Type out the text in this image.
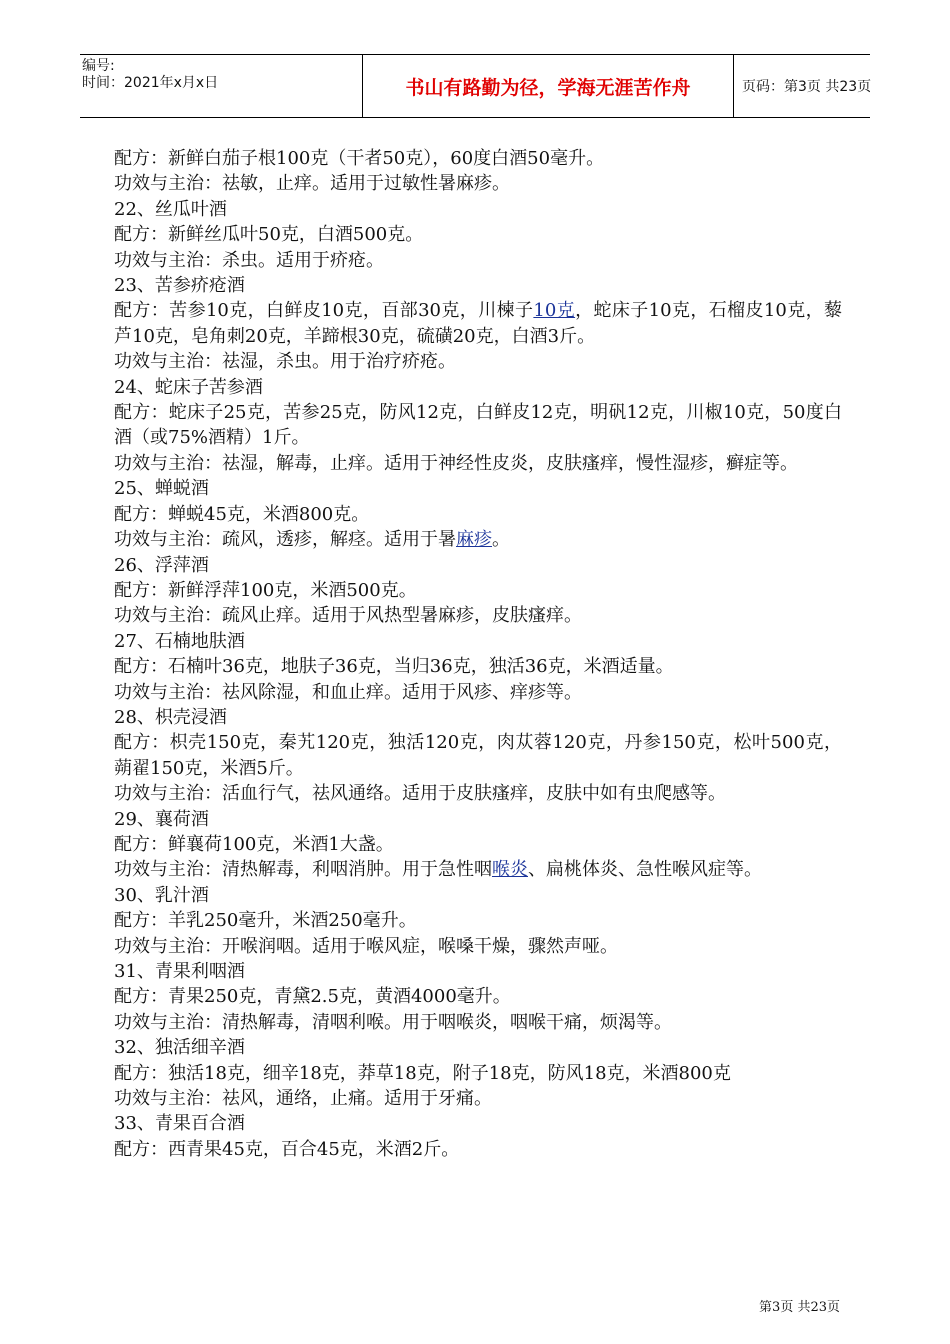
编号:
时间：2021年x月x日	书山有路勤为径，学海无涯苦作舟	页码：第3页 共23页
配方：新鲜白茄子根100克（干者50克），60度白酒50毫升。
功效与主治：祛敏，止痒。适用于过敏性暑麻疹。
22、丝瓜叶酒
配方：新鲜丝瓜叶50克，白酒500克。
功效与主治：杀虫。适用于疥疮。
23、苦参疥疮酒
配方：苦参10克，白鲜皮10克，百部30克，川楝子10克，蛇床子10克，石榴皮10克，藜芦10克，皂角刺20克，羊蹄根30克，硫磺20克，白酒3斤。
功效与主治：祛湿，杀虫。用于治疗疥疮。
24、蛇床子苦参酒
配方：蛇床子25克，苦参25克，防风12克，白鲜皮12克，明矾12克，川椒10克，50度白酒（或75%酒精）1斤。
功效与主治：祛湿，解毒，止痒。适用于神经性皮炎，皮肤瘙痒，慢性湿疹，癣症等。
25、蝉蜕酒
配方：蝉蜕45克，米酒800克。
功效与主治：疏风，透疹，解痉。适用于暑麻疹。
26、浮萍酒
配方：新鲜浮萍100克，米酒500克。
功效与主治：疏风止痒。适用于风热型暑麻疹，皮肤瘙痒。
27、石楠地肤酒
配方：石楠叶36克，地肤子36克，当归36克，独活36克，米酒适量。
功效与主治：祛风除湿，和血止痒。适用于风疹、痒疹等。
28、枳壳浸酒
配方：枳壳150克，秦艽120克，独活120克，肉苁蓉120克，丹参150克，松叶500克，蒴翟150克，米酒5斤。
功效与主治：活血行气，祛风通络。适用于皮肤瘙痒，皮肤中如有虫爬感等。
29、襄荷酒
配方：鲜襄荷100克，米酒1大盏。
功效与主治：清热解毒，利咽消肿。用于急性咽喉炎、扁桃体炎、急性喉风症等。
30、乳汁酒
配方：羊乳250毫升，米酒250毫升。
功效与主治：开喉润咽。适用于喉风症，喉嗓干燥，骤然声哑。
31、青果利咽酒
配方：青果250克，青黛2.5克，黄酒4000毫升。
功效与主治：清热解毒，清咽利喉。用于咽喉炎，咽喉干痛，烦渴等。
32、独活细辛酒
配方：独活18克，细辛18克，莽草18克，附子18克，防风18克，米酒800克
功效与主治：祛风，通络，止痛。适用于牙痛。
33、青果百合酒
配方：西青果45克，百合45克，米酒2斤。
第3页 共23页
